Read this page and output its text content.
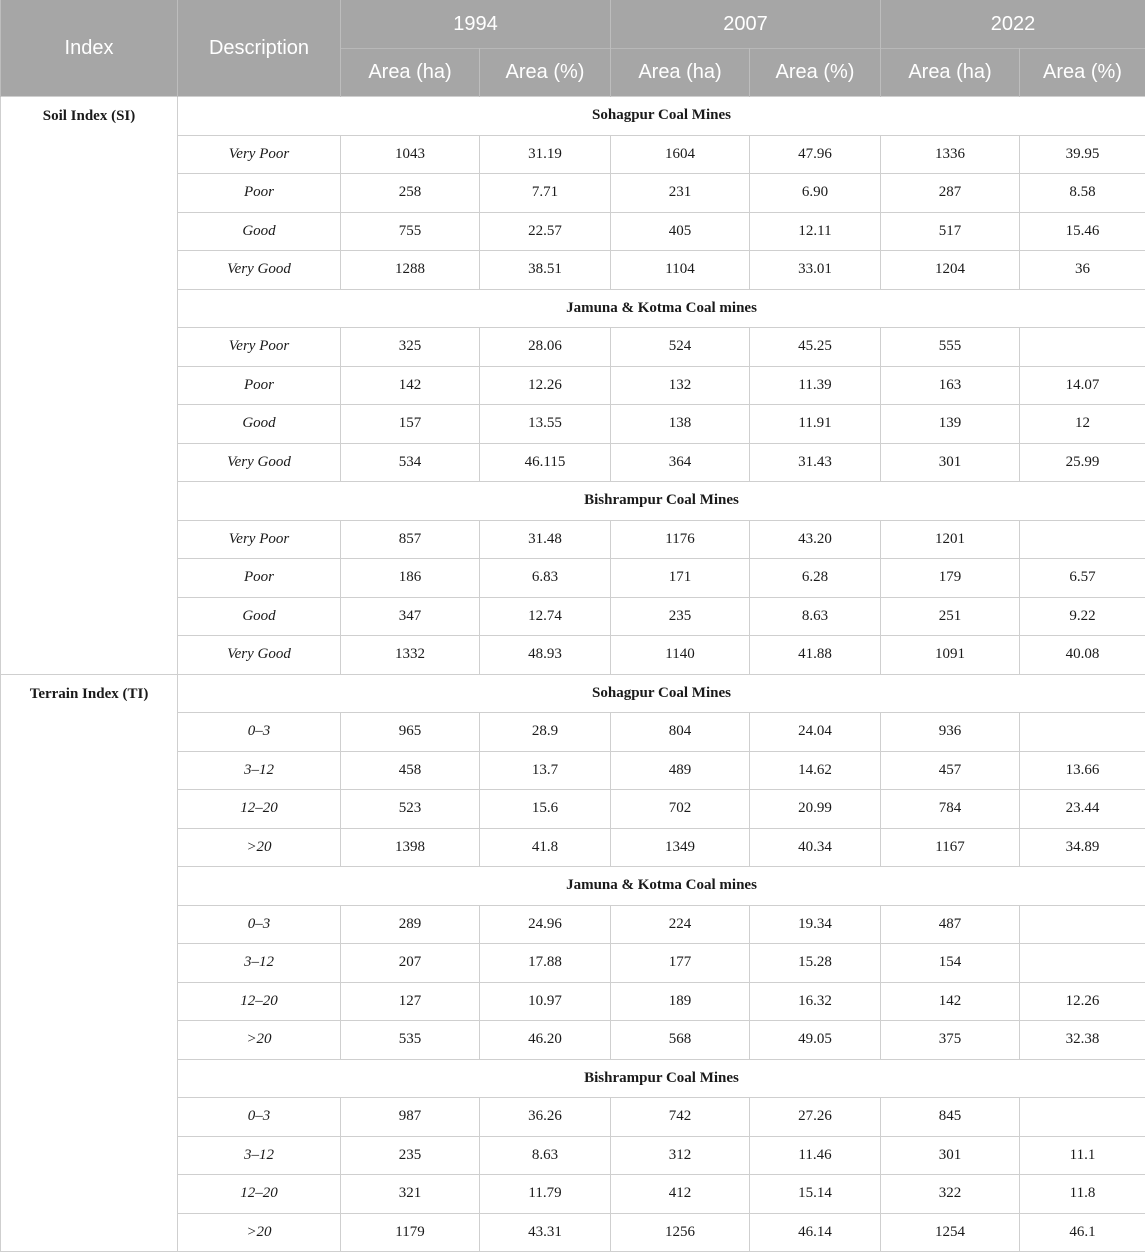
Index	Description	1994		2007		2022	
		Area (ha)	Area (%)	Area (ha)	Area (%)	Area (ha)	Area (%)
Soil Index (SI)	Sohagpur Coal Mines						
	Very Poor	1043	31.19	1604	47.96	1336	39.95
	Poor	258	7.71	231	6.90	287	8.58
	Good	755	22.57	405	12.11	517	15.46
	Very Good	1288	38.51	1104	33.01	1204	36
	Jamuna & Kotma Coal mines						
	Very Poor	325	28.06	524	45.25	555	
	Poor	142	12.26	132	11.39	163	14.07
	Good	157	13.55	138	11.91	139	12
	Very Good	534	46.115	364	31.43	301	25.99
	Bishrampur Coal Mines						
	Very Poor	857	31.48	1176	43.20	1201	
	Poor	186	6.83	171	6.28	179	6.57
	Good	347	12.74	235	8.63	251	9.22
	Very Good	1332	48.93	1140	41.88	1091	40.08
Terrain Index (TI)	Sohagpur Coal Mines						
	0–3	965	28.9	804	24.04	936	
	3–12	458	13.7	489	14.62	457	13.66
	12–20	523	15.6	702	20.99	784	23.44
	>20	1398	41.8	1349	40.34	1167	34.89
	Jamuna & Kotma Coal mines						
	0–3	289	24.96	224	19.34	487	
	3–12	207	17.88	177	15.28	154	
	12–20	127	10.97	189	16.32	142	12.26
	>20	535	46.20	568	49.05	375	32.38
	Bishrampur Coal Mines						
	0–3	987	36.26	742	27.26	845	
	3–12	235	8.63	312	11.46	301	11.1
	12–20	321	11.79	412	15.14	322	11.8
	>20	1179	43.31	1256	46.14	1254	46.1
